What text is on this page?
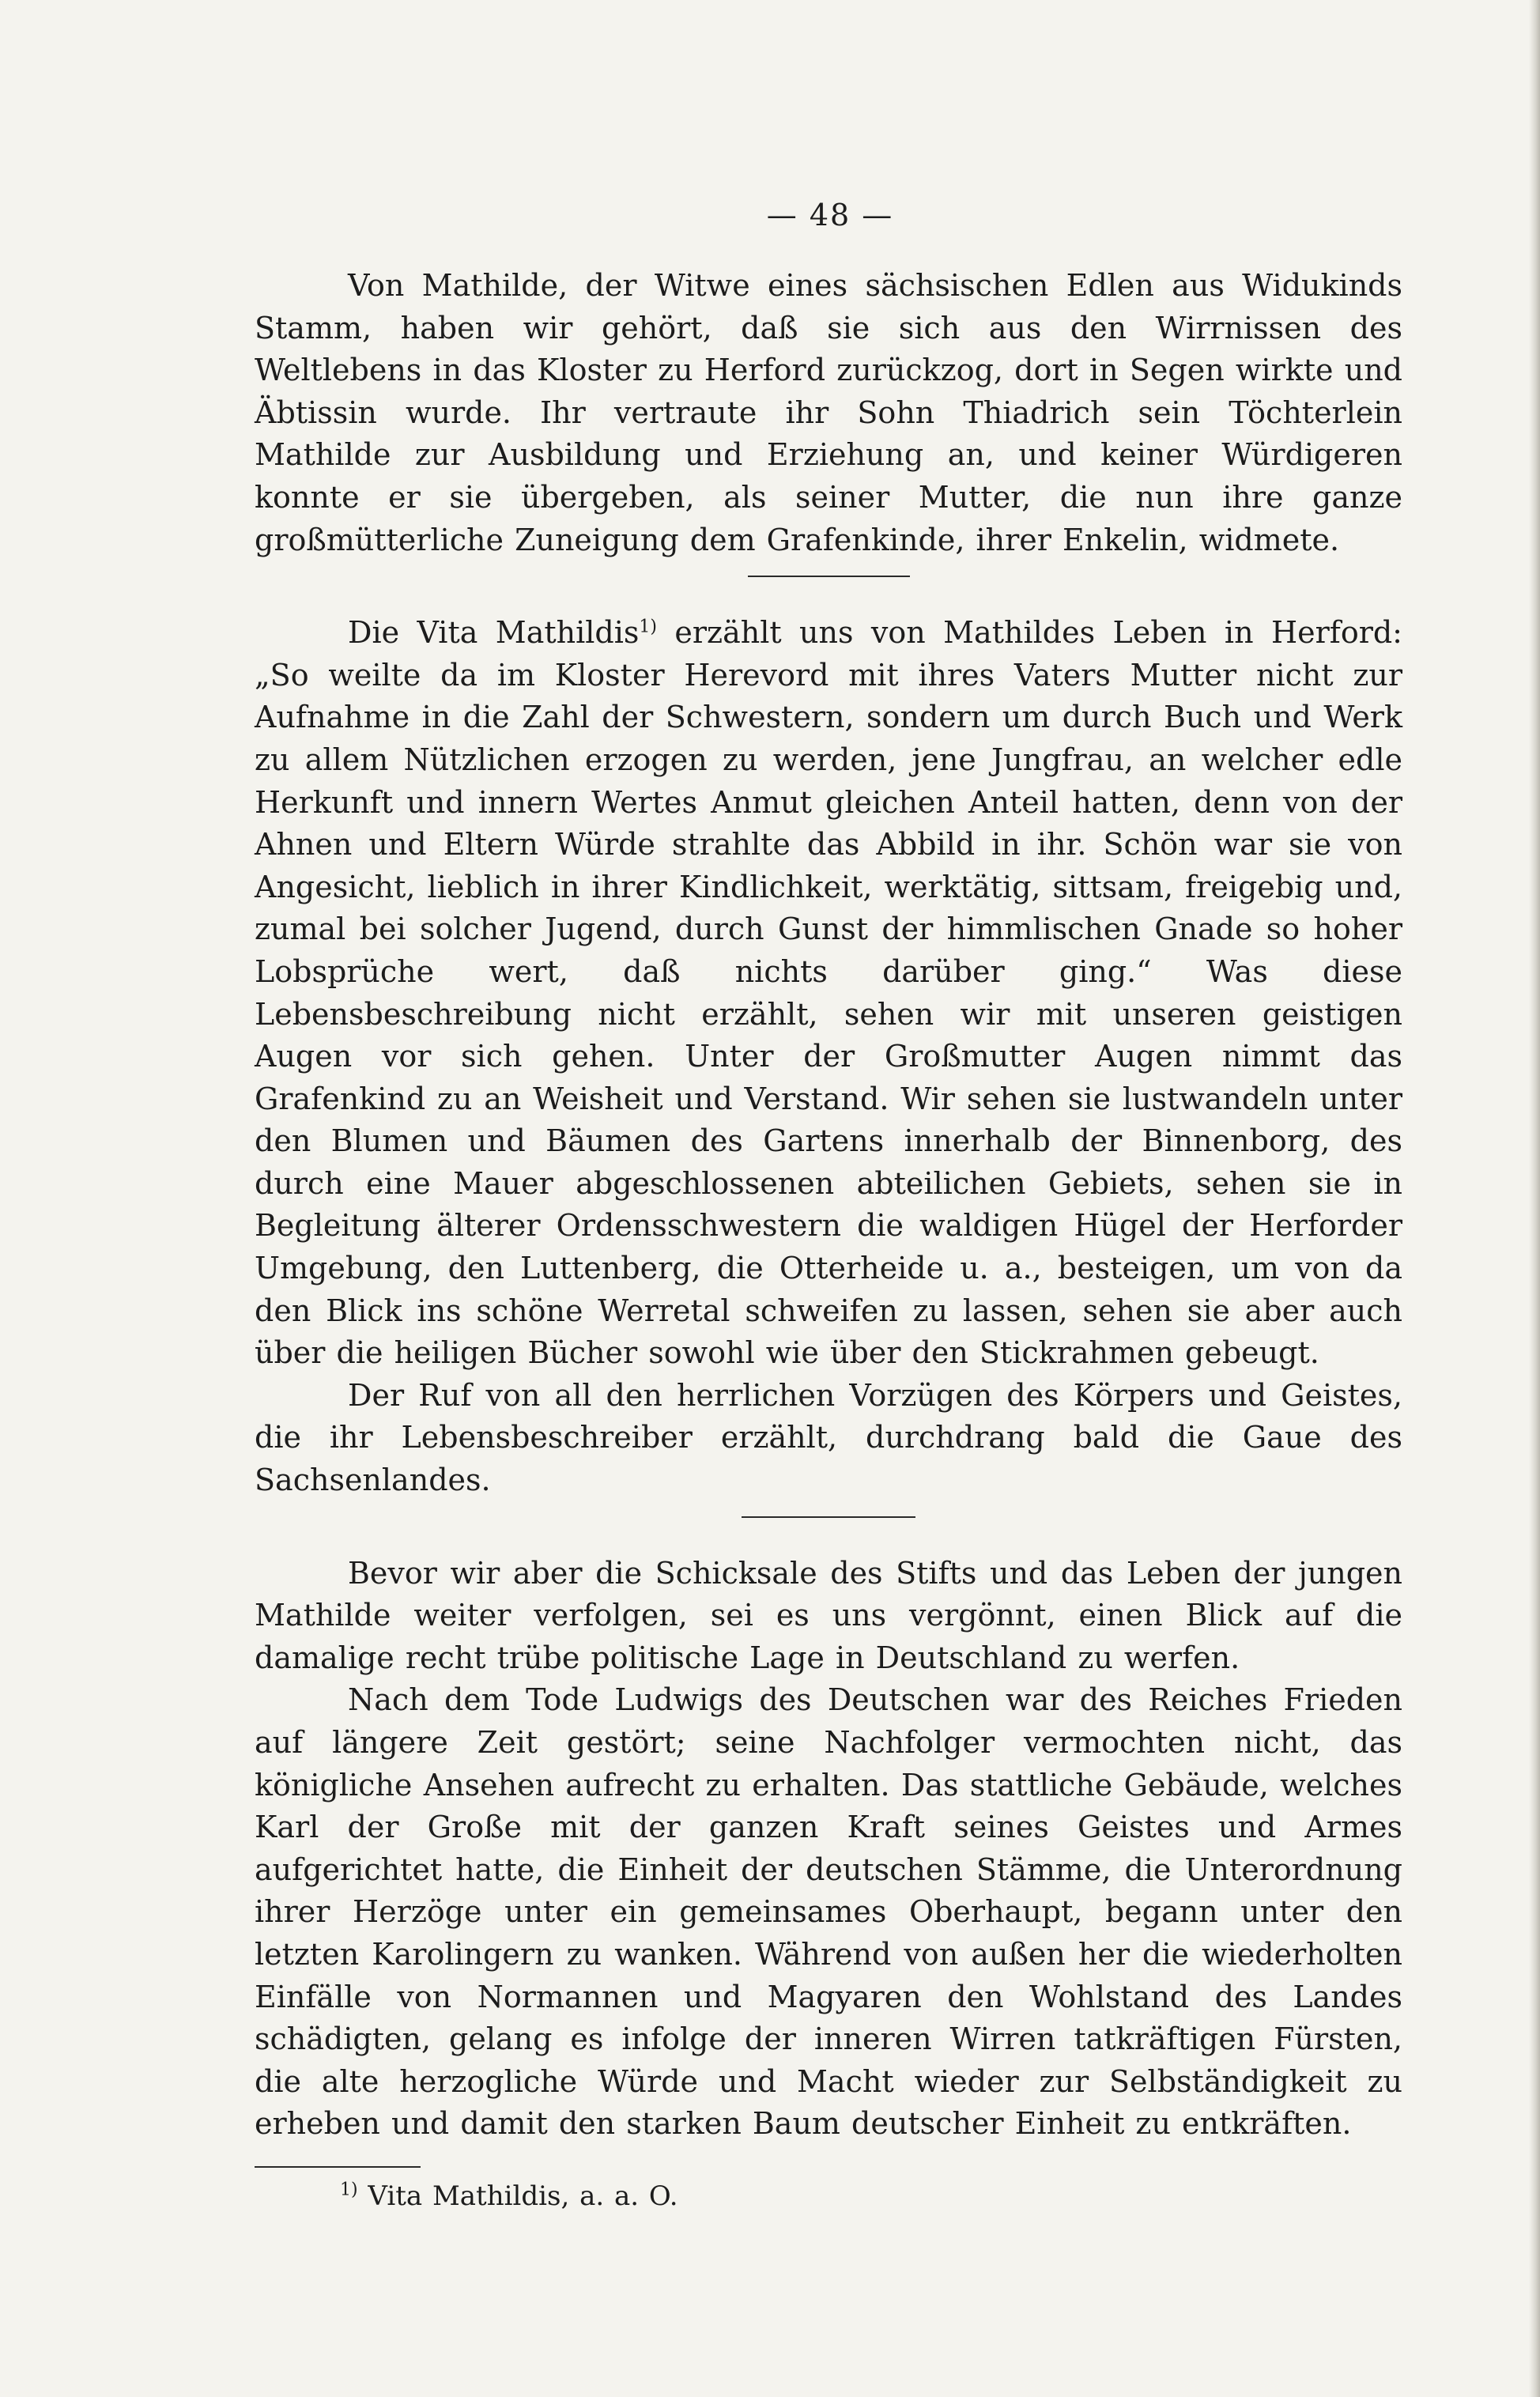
— 48 —

Von Mathilde, der Witwe eines sächsischen Edlen aus Widukinds Stamm, haben wir gehört, daß sie sich aus den Wirrnissen des Weltlebens in das Kloster zu Herford zurückzog, dort in Segen wirkte und Äbtissin wurde. Ihr vertraute ihr Sohn Thiadrich sein Töchterlein Mathilde zur Ausbildung und Erziehung an, und keiner Würdigeren konnte er sie übergeben, als seiner Mutter, die nun ihre ganze großmütterliche Zuneigung dem Grafenkinde, ihrer Enkelin, widmete.

Die Vita Mathildis$^{1)}$ erzählt uns von Mathildes Leben in Herford: „So weilte da im Kloster Herevord mit ihres Vaters Mutter nicht zur Aufnahme in die Zahl der Schwestern, sondern um durch Buch und Werk zu allem Nützlichen erzogen zu werden, jene Jungfrau, an welcher edle Herkunft und innern Wertes Anmut gleichen Anteil hatten, denn von der Ahnen und Eltern Würde strahlte das Abbild in ihr. Schön war sie von Angesicht, lieblich in ihrer Kindlichkeit, werktätig, sittsam, freigebig und, zumal bei solcher Jugend, durch Gunst der himmlischen Gnade so hoher Lobsprüche wert, daß nichts darüber ging.“ Was diese Lebensbeschreibung nicht erzählt, sehen wir mit unseren geistigen Augen vor sich gehen. Unter der Großmutter Augen nimmt das Grafenkind zu an Weisheit und Verstand. Wir sehen sie lustwandeln unter den Blumen und Bäumen des Gartens innerhalb der Binnenborg, des durch eine Mauer abgeschlossenen abteilichen Gebiets, sehen sie in Begleitung älterer Ordensschwestern die waldigen Hügel der Herforder Umgebung, den Luttenberg, die Otterheide u. a., besteigen, um von da den Blick ins schöne Werretal schweifen zu lassen, sehen sie aber auch über die heiligen Bücher sowohl wie über den Stickrahmen gebeugt.

Der Ruf von all den herrlichen Vorzügen des Körpers und Geistes, die ihr Lebensbeschreiber erzählt, durchdrang bald die Gaue des Sachsenlandes.

Bevor wir aber die Schicksale des Stifts und das Leben der jungen Mathilde weiter verfolgen, sei es uns vergönnt, einen Blick auf die damalige recht trübe politische Lage in Deutschland zu werfen.

Nach dem Tode Ludwigs des Deutschen war des Reiches Frieden auf längere Zeit gestört; seine Nachfolger vermochten nicht, das königliche Ansehen aufrecht zu erhalten. Das stattliche Gebäude, welches Karl der Große mit der ganzen Kraft seines Geistes und Armes aufgerichtet hatte, die Einheit der deutschen Stämme, die Unterordnung ihrer Herzöge unter ein gemeinsames Oberhaupt, begann unter den letzten Karolingern zu wanken. Während von außen her die wiederholten Einfälle von Normannen und Magyaren den Wohlstand des Landes schädigten, gelang es infolge der inneren Wirren tatkräftigen Fürsten, die alte herzogliche Würde und Macht wieder zur Selbständigkeit zu erheben und damit den starken Baum deutscher Einheit zu entkräften.

$^{1)}$ Vita Mathildis, a. a. O.
